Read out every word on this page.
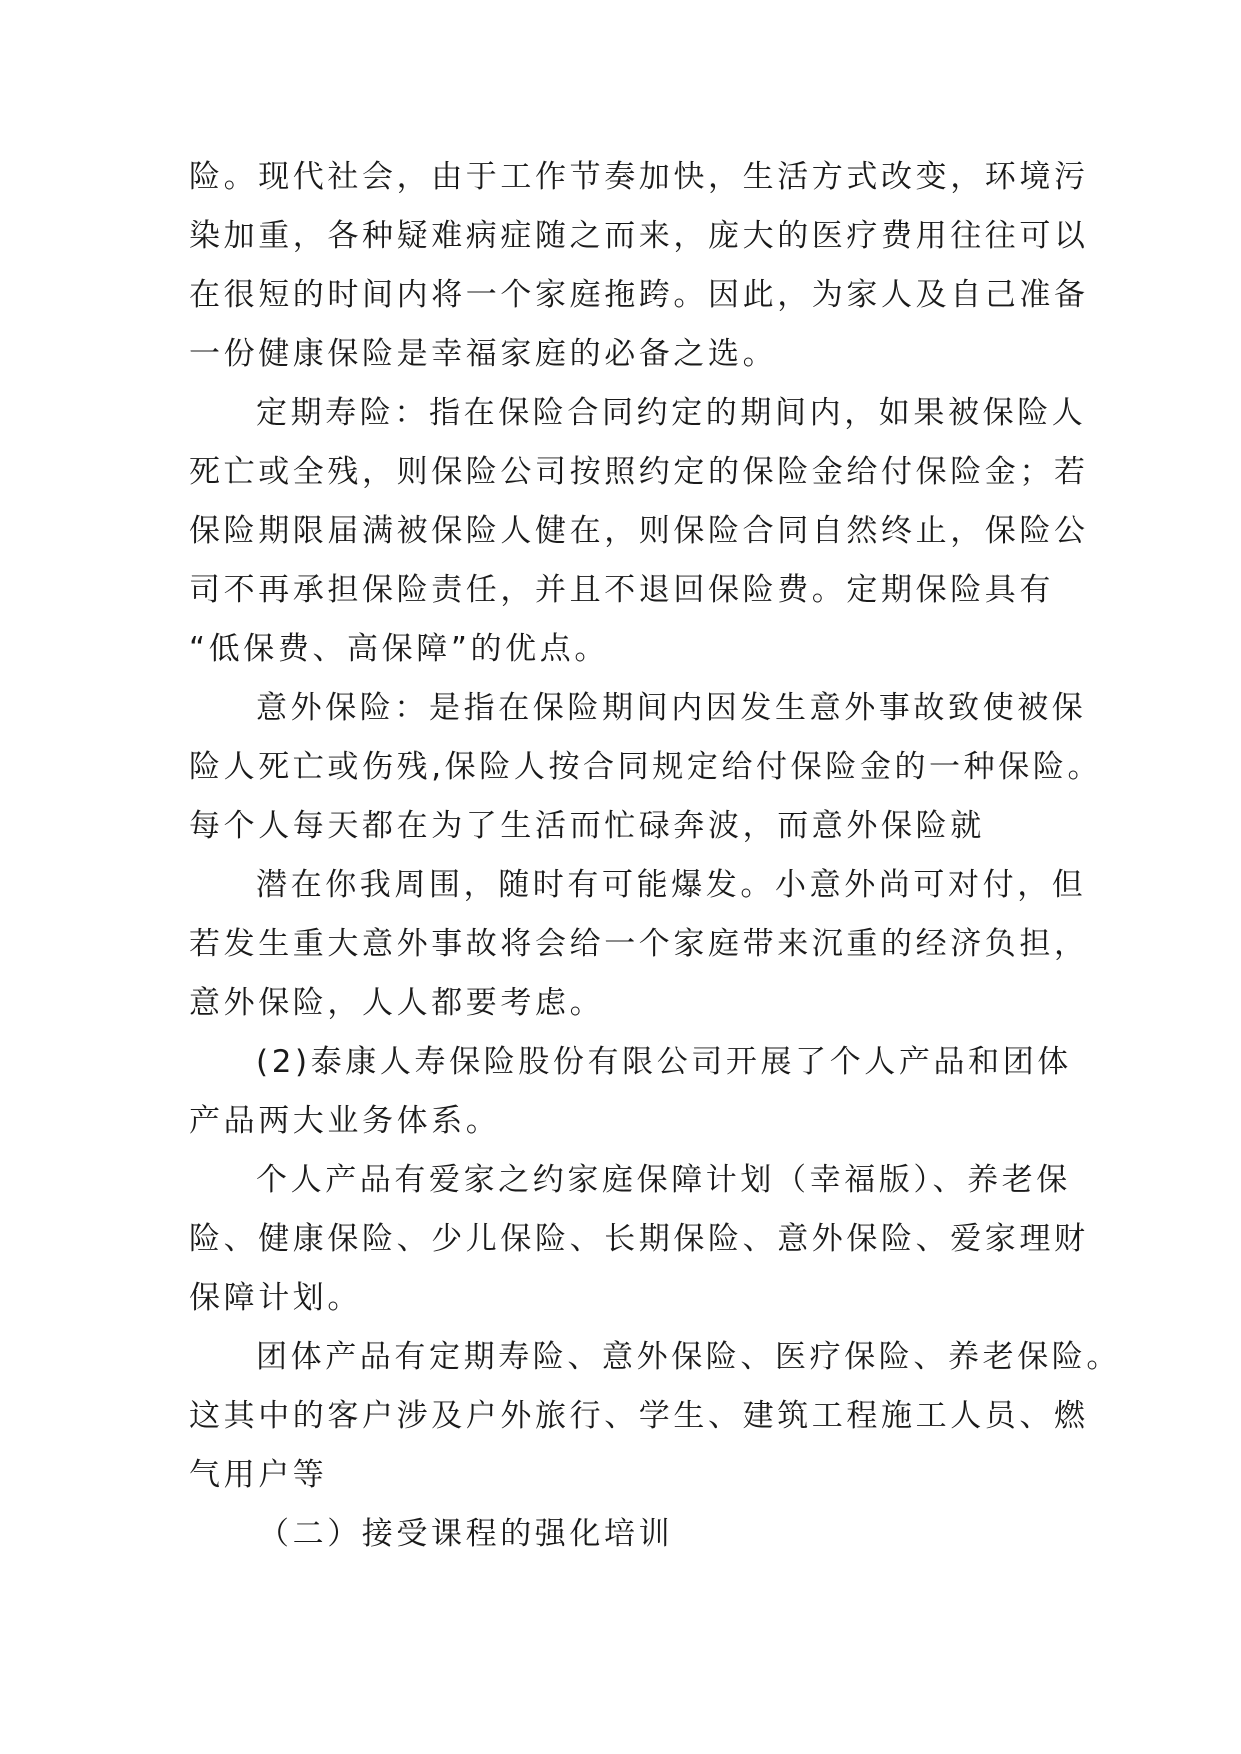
险。现代社会，由于工作节奏加快，生活方式改变，环境污
染加重，各种疑难病症随之而来，庞大的医疗费用往往可以
在很短的时间内将一个家庭拖跨。因此，为家人及自己准备
一份健康保险是幸福家庭的必备之选。
定期寿险：指在保险合同约定的期间内，如果被保险人
死亡或全残，则保险公司按照约定的保险金给付保险金；若
保险期限届满被保险人健在，则保险合同自然终止，保险公
司不再承担保险责任，并且不退回保险费。定期保险具有
“低保费、高保障”的优点。
意外保险：是指在保险期间内因发生意外事故致使被保
险人死亡或伤残,保险人按合同规定给付保险金的一种保险。
每个人每天都在为了生活而忙碌奔波，而意外保险就
潜在你我周围，随时有可能爆发。小意外尚可对付，但
若发生重大意外事故将会给一个家庭带来沉重的经济负担，
意外保险，人人都要考虑。
(2)泰康人寿保险股份有限公司开展了个人产品和团体
产品两大业务体系。
个人产品有爱家之约家庭保障计划（幸福版）、养老保
险、健康保险、少儿保险、长期保险、意外保险、爱家理财
保障计划。
团体产品有定期寿险、意外保险、医疗保险、养老保险。
这其中的客户涉及户外旅行、学生、建筑工程施工人员、燃
气用户等
（二）接受课程的强化培训
